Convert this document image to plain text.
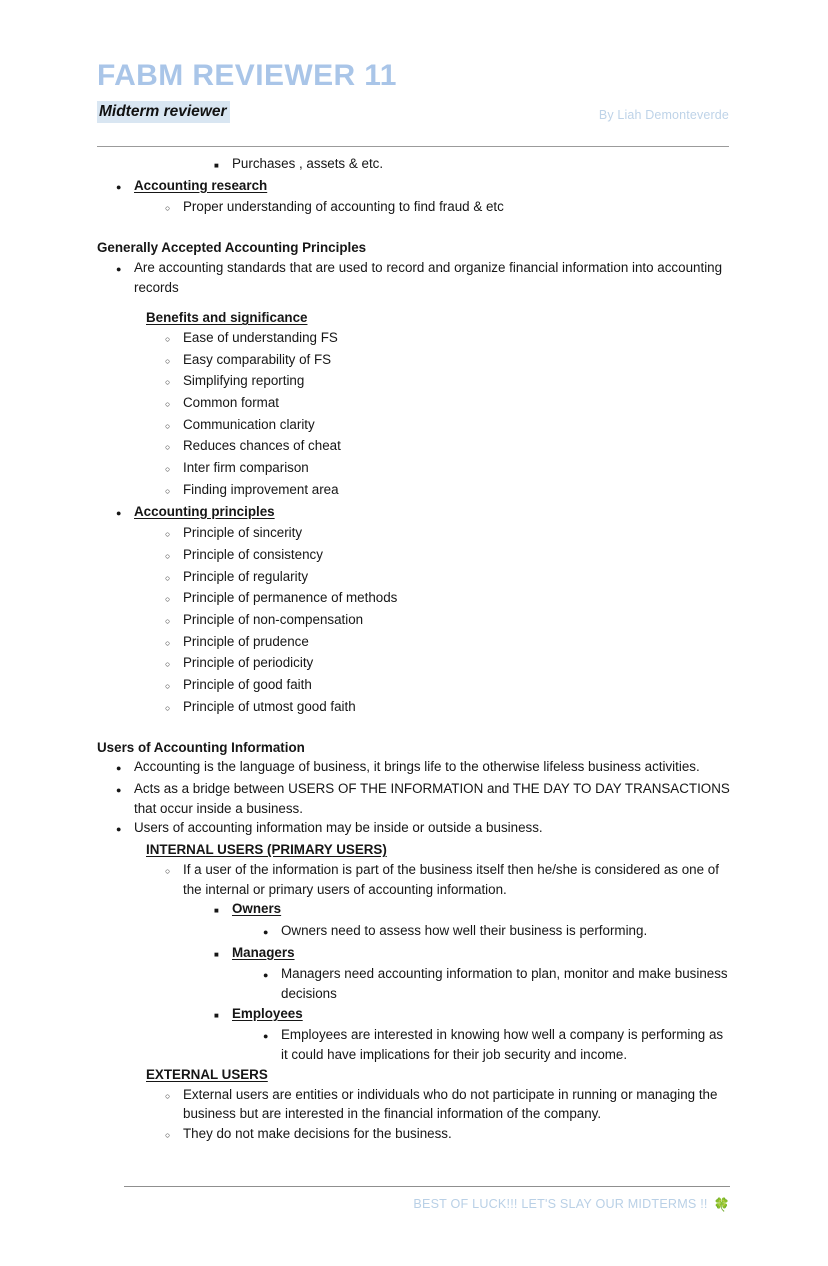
FABM REVIEWER 11
Midterm reviewer	By Liah Demonteverde
■
Purchases , assets & etc.
●
Accounting research
○
Proper understanding of accounting to find fraud & etc
Generally Accepted Accounting Principles
●
Are accounting standards that are used to record and organize financial information into accounting records
Benefits and significance
○
Ease of understanding FS
○
Easy comparability of FS
○
Simplifying reporting
○
Common format
○
Communication clarity
○
Reduces chances of cheat
○
Inter firm comparison
○
Finding improvement area
●
Accounting principles
○
Principle of sincerity
○
Principle of consistency
○
Principle of regularity
○
Principle of permanence of methods
○
Principle of non-compensation
○
Principle of prudence
○
Principle of periodicity
○
Principle of good faith
○
Principle of utmost good faith
Users of Accounting Information
●
Accounting is the language of business, it brings life to the otherwise lifeless business activities.
●
Acts as a bridge between USERS OF THE INFORMATION and THE DAY TO DAY TRANSACTIONS that occur inside a business.
●
Users of accounting information may be inside or outside a business.
INTERNAL USERS (PRIMARY USERS)
○
If a user of the information is part of the business itself then he/she is considered as one of the internal or primary users of accounting information.
■
Owners
●
Owners need to assess how well their business is performing.
■
Managers
●
Managers need accounting information to plan, monitor and make business decisions
■
Employees
●
Employees are interested in knowing how well a company is performing as it could have implications for their job security and income.
EXTERNAL USERS
○
External users are entities or individuals who do not participate in running or managing the business but are interested in the financial information of the company.
○
They do not make decisions for the business.
BEST OF LUCK!!! LET'S SLAY OUR MIDTERMS !! 🍀
